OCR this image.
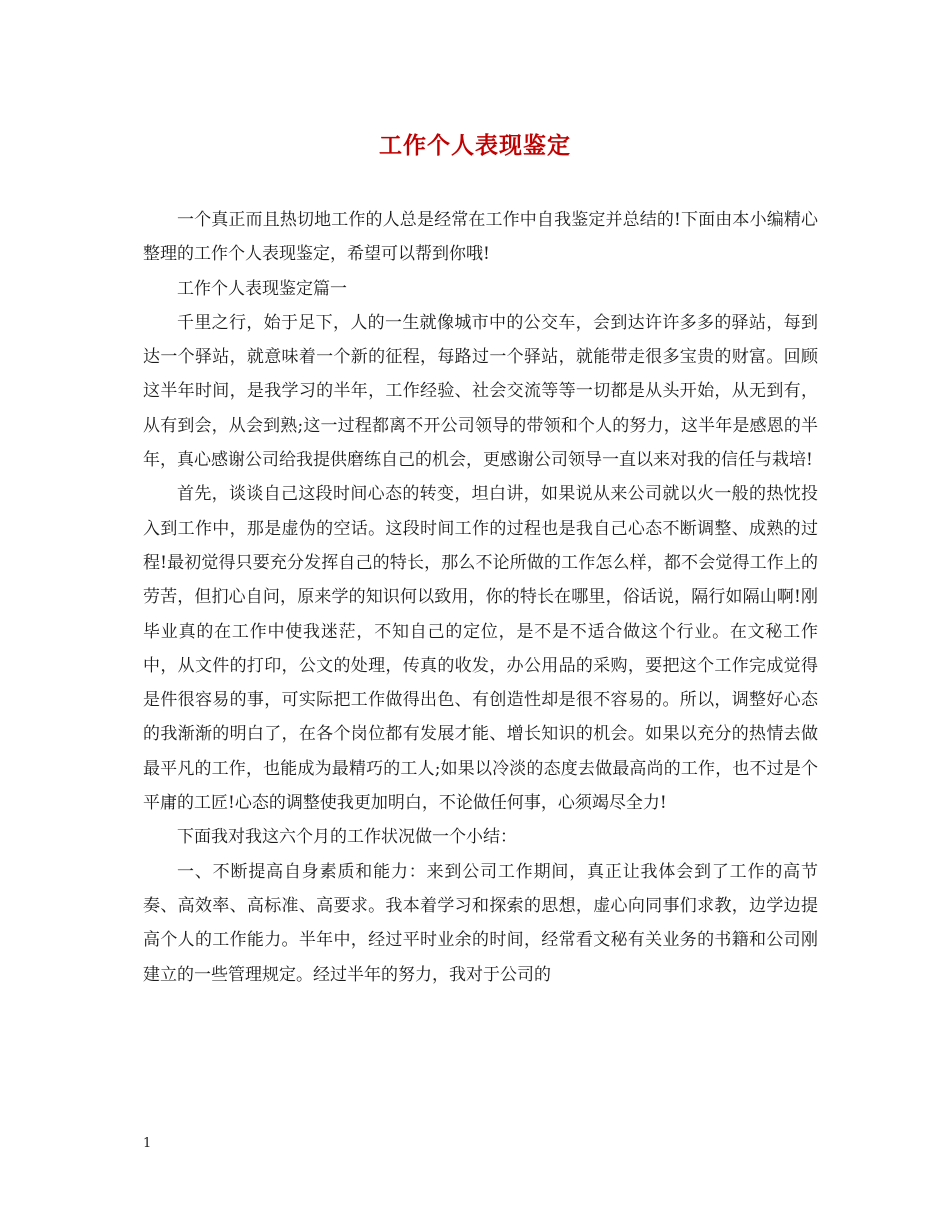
工作个人表现鉴定

一个真正而且热切地工作的人总是经常在工作中自我鉴定并总结的!下面由本小编精心整理的工作个人表现鉴定，希望可以帮到你哦!

工作个人表现鉴定篇一

千里之行，始于足下，人的一生就像城市中的公交车，会到达许许多多的驿站，每到达一个驿站，就意味着一个新的征程，每路过一个驿站，就能带走很多宝贵的财富。回顾这半年时间，是我学习的半年，工作经验、社会交流等等一切都是从头开始，从无到有，从有到会，从会到熟;这一过程都离不开公司领导的带领和个人的努力，这半年是感恩的半年，真心感谢公司给我提供磨练自己的机会，更感谢公司领导一直以来对我的信任与栽培!

首先，谈谈自己这段时间心态的转变，坦白讲，如果说从来公司就以火一般的热忱投入到工作中，那是虚伪的空话。这段时间工作的过程也是我自己心态不断调整、成熟的过程!最初觉得只要充分发挥自己的特长，那么不论所做的工作怎么样，都不会觉得工作上的劳苦，但扪心自问，原来学的知识何以致用，你的特长在哪里，俗话说，隔行如隔山啊!刚毕业真的在工作中使我迷茫，不知自己的定位，是不是不适合做这个行业。在文秘工作中，从文件的打印，公文的处理，传真的收发，办公用品的采购，要把这个工作完成觉得是件很容易的事，可实际把工作做得出色、有创造性却是很不容易的。所以，调整好心态的我渐渐的明白了，在各个岗位都有发展才能、增长知识的机会。如果以充分的热情去做最平凡的工作，也能成为最精巧的工人;如果以冷淡的态度去做最高尚的工作，也不过是个平庸的工匠!心态的调整使我更加明白，不论做任何事，心须竭尽全力!

下面我对我这六个月的工作状况做一个小结：

一、不断提高自身素质和能力：来到公司工作期间，真正让我体会到了工作的高节奏、高效率、高标准、高要求。我本着学习和探索的思想，虚心向同事们求教，边学边提高个人的工作能力。半年中，经过平时业余的时间，经常看文秘有关业务的书籍和公司刚建立的一些管理规定。经过半年的努力，我对于公司的

1
